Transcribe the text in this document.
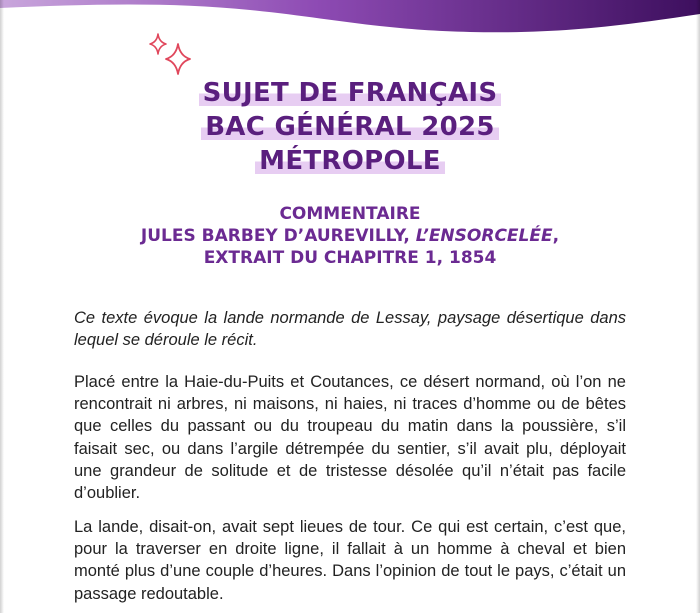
SUJET DE FRANÇAIS
BAC GÉNÉRAL 2025
MÉTROPOLE
COMMENTAIRE
JULES BARBEY D’AUREVILLY, L’ENSORCELÉE,
EXTRAIT DU CHAPITRE 1, 1854

Ce texte évoque la lande normande de Lessay, paysage désertique dans lequel se déroule le récit.

Placé entre la Haie-du-Puits et Coutances, ce désert normand, où l’on ne rencontrait ni arbres, ni maisons, ni haies, ni traces d’homme ou de bêtes que celles du passant ou du troupeau du matin dans la poussière, s’il faisait sec, ou dans l’argile détrempée du sentier, s’il avait plu, déployait une grandeur de solitude et de tristesse désolée qu’il n’était pas facile d’oublier.

La lande, disait-on, avait sept lieues de tour. Ce qui est certain, c’est que, pour la traverser en droite ligne, il fallait à un homme à cheval et bien monté plus d’une couple d’heures. Dans l’opinion de tout le pays, c’était un passage redoutable.
